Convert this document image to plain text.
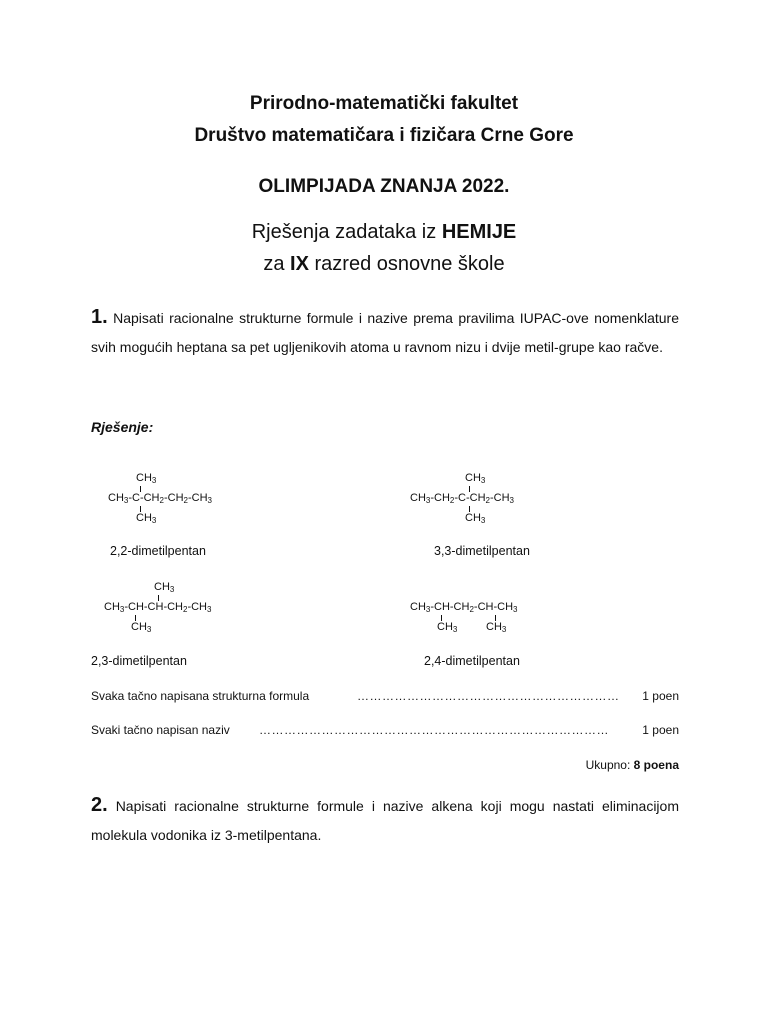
Prirodno-matematički fakultet
Društvo matematičara i fizičara Crne Gore
OLIMPIJADA ZNANJA 2022.
Rješenja zadataka iz HEMIJE
za IX razred osnovne škole
1. Napisati racionalne strukturne formule i nazive prema pravilima IUPAC-ove nomenklature svih mogućih heptana sa pet ugljenikovih atoma u ravnom nizu i dvije metil-grupe kao račve.
Rješenje:
$CH_3$
$CH_3-C-CH_2-CH_2-CH_3$
$CH_3$
2,2-dimetilpentan
$CH_3$
$CH_3-CH_2-C-CH_2-CH_3$
$CH_3$
3,3-dimetilpentan
$CH_3$
$CH_3-CH-CH-CH_2-CH_3$
$CH_3$
2,3-dimetilpentan
$CH_3-CH-CH_2-CH-CH_3$
$CH_3$	$CH_3$
2,4-dimetilpentan
Svaka tačno napisana strukturna formula	………………………………………………………	1 poen
Svaki tačno napisan naziv …………………………………………………………………………	1 poen
Ukupno: 8 poena
2. Napisati racionalne strukturne formule i nazive alkena koji mogu nastati eliminacijom molekula vodonika iz 3-metilpentana.
